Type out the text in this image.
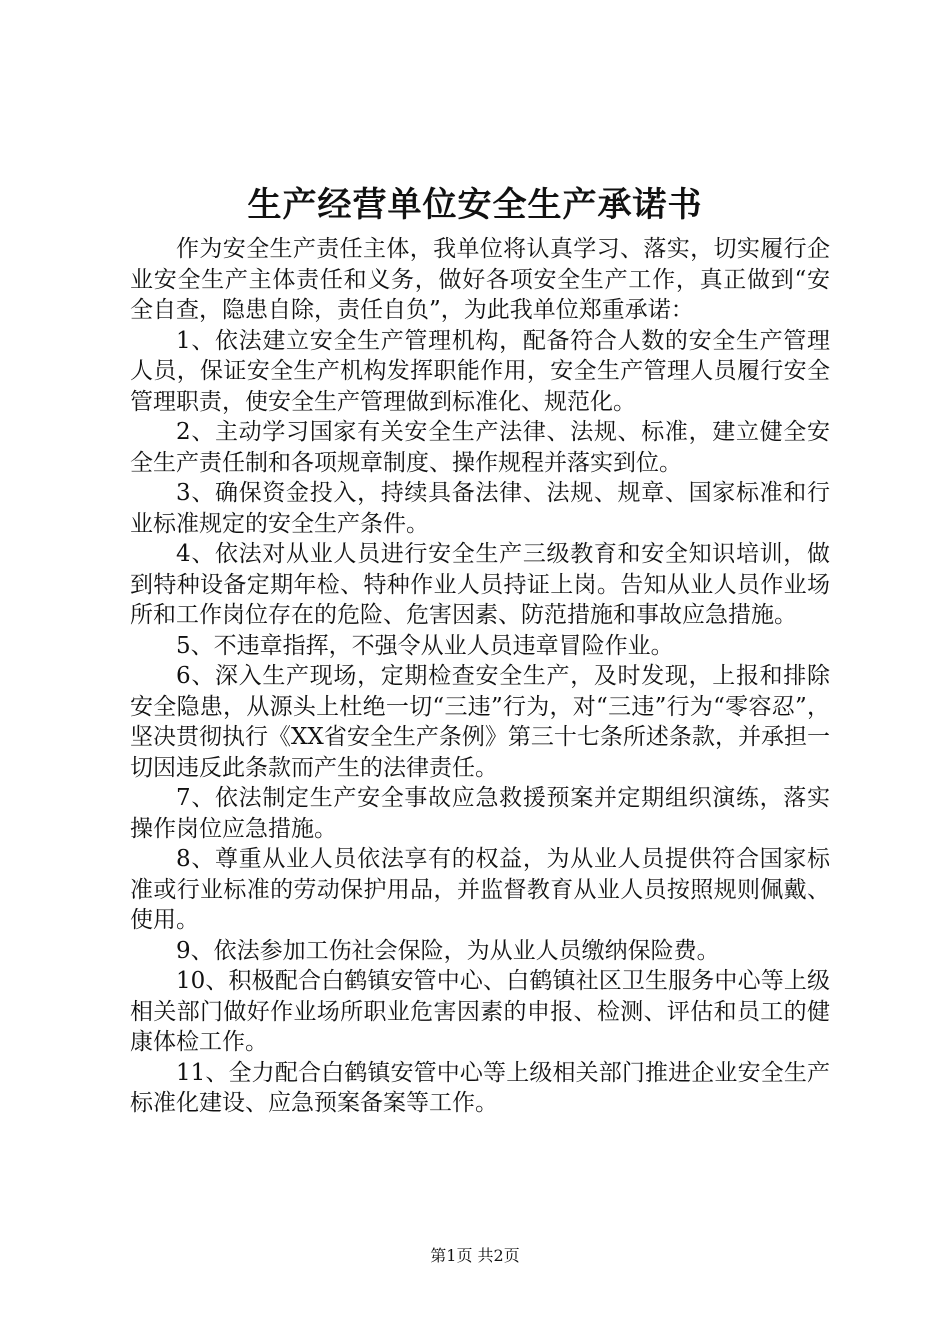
生产经营单位安全生产承诺书

作为安全生产责任主体，我单位将认真学习、落实，切实履行企业安全生产主体责任和义务，做好各项安全生产工作，真正做到“安全自查，隐患自除，责任自负”，为此我单位郑重承诺：

1、依法建立安全生产管理机构，配备符合人数的安全生产管理人员，保证安全生产机构发挥职能作用，安全生产管理人员履行安全管理职责，使安全生产管理做到标准化、规范化。

2、主动学习国家有关安全生产法律、法规、标准，建立健全安全生产责任制和各项规章制度、操作规程并落实到位。

3、确保资金投入，持续具备法律、法规、规章、国家标准和行业标准规定的安全生产条件。

4、依法对从业人员进行安全生产三级教育和安全知识培训，做到特种设备定期年检、特种作业人员持证上岗。告知从业人员作业场所和工作岗位存在的危险、危害因素、防范措施和事故应急措施。

5、不违章指挥，不强令从业人员违章冒险作业。

6、深入生产现场，定期检查安全生产，及时发现，上报和排除安全隐患，从源头上杜绝一切“三违”行为，对“三违”行为“零容忍”，坚决贯彻执行《XX省安全生产条例》第三十七条所述条款，并承担一切因违反此条款而产生的法律责任。

7、依法制定生产安全事故应急救援预案并定期组织演练，落实操作岗位应急措施。

8、尊重从业人员依法享有的权益，为从业人员提供符合国家标准或行业标准的劳动保护用品，并监督教育从业人员按照规则佩戴、使用。

9、依法参加工伤社会保险，为从业人员缴纳保险费。

10、积极配合白鹤镇安管中心、白鹤镇社区卫生服务中心等上级相关部门做好作业场所职业危害因素的申报、检测、评估和员工的健康体检工作。

11、全力配合白鹤镇安管中心等上级相关部门推进企业安全生产标准化建设、应急预案备案等工作。

第1页 共2页
